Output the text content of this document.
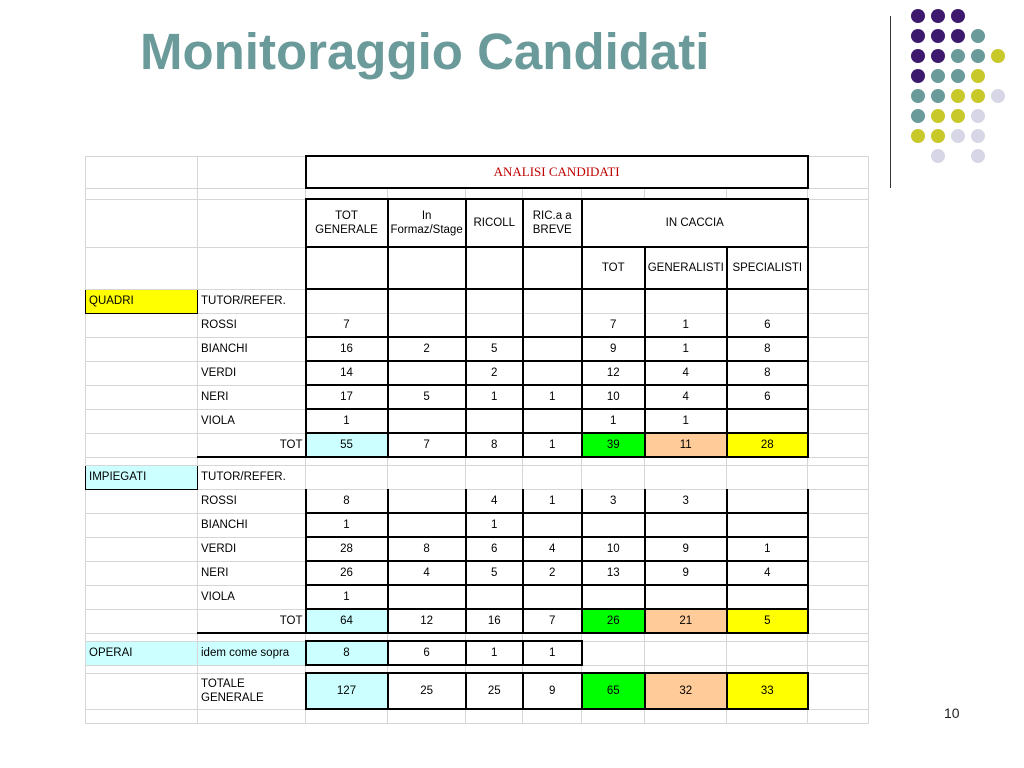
Monitoraggio Candidati
		ANALISI CANDIDATI							

		TOT GENERALE	In Formaz/Stage	RICOLL	RIC.a a BREVE	IN CACCIA			
						TOT	GENERALISTI	SPECIALISTI	
QUADRI	TUTOR/REFER.								
	ROSSI	7				7	1	6	
	BIANCHI	16	2	5		9	1	8	
	VERDI	14		2		12	4	8	
	NERI	17	5	1	1	10	4	6	
	VIOLA	1				1	1		
	TOT	55	7	8	1	39	11	28	

IMPIEGATI	TUTOR/REFER.								
	ROSSI	8		4	1	3	3		
	BIANCHI	1		1					
	VERDI	28	8	6	4	10	9	1	
	NERI	26	4	5	2	13	9	4	
	VIOLA	1							
	TOT	64	12	16	7	26	21	5	

OPERAI	idem come sopra	8	6	1	1				

	TOTALE GENERALE	127	25	25	9	65	32	33	

10
